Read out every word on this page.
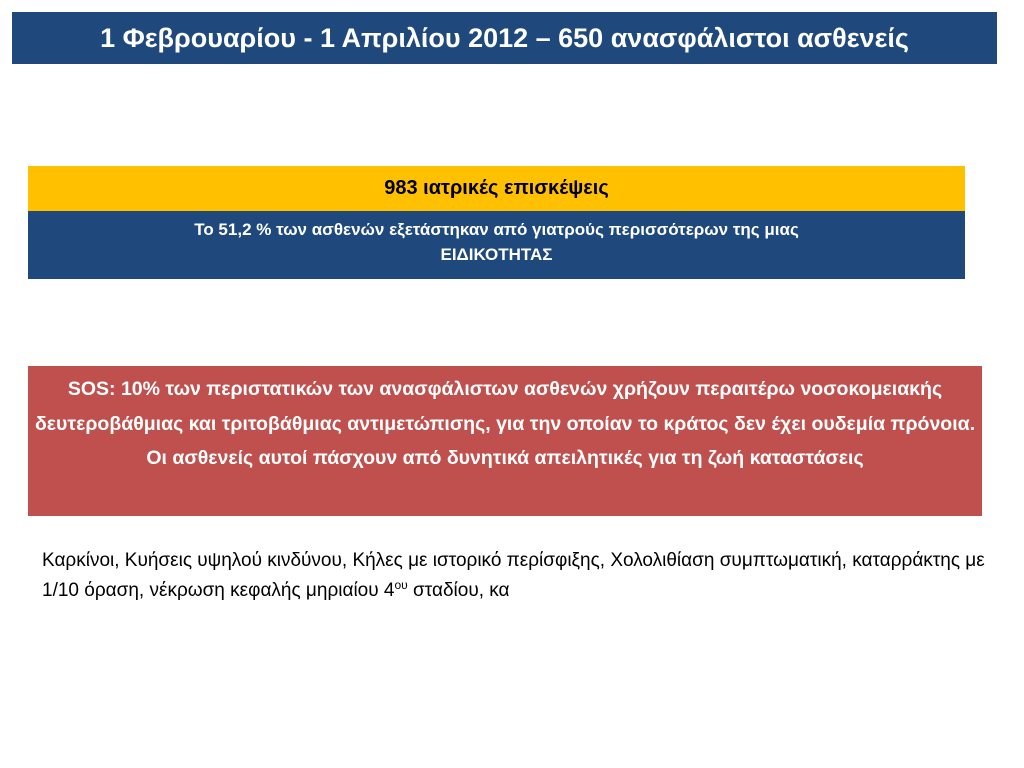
1 Φεβρουαρίου - 1 Απριλίου 2012 – 650 ανασφάλιστοι ασθενείς
983 ιατρικές επισκέψεις
Το 51,2 % των ασθενών εξετάστηκαν από γιατρούς περισσότερων της μιας
ΕΙΔΙΚΟΤΗΤΑΣ
SOS: 10% των περιστατικών των ανασφάλιστων ασθενών χρήζουν περαιτέρω νοσοκομειακής δευτεροβάθμιας και τριτοβάθμιας αντιμετώπισης, για την οποίαν το κράτος δεν έχει ουδεμία πρόνοια. Οι ασθενείς αυτοί πάσχουν από δυνητικά απειλητικές για τη ζωή καταστάσεις
Καρκίνοι, Κυήσεις υψηλού κινδύνου, Κήλες με ιστορικό περίσφιξης, Χολολιθίαση συμπτωματική, καταρράκτης με 1/10 όραση, νέκρωση κεφαλής μηριαίου $4^{o\upsilon}$ σταδίου, κα
